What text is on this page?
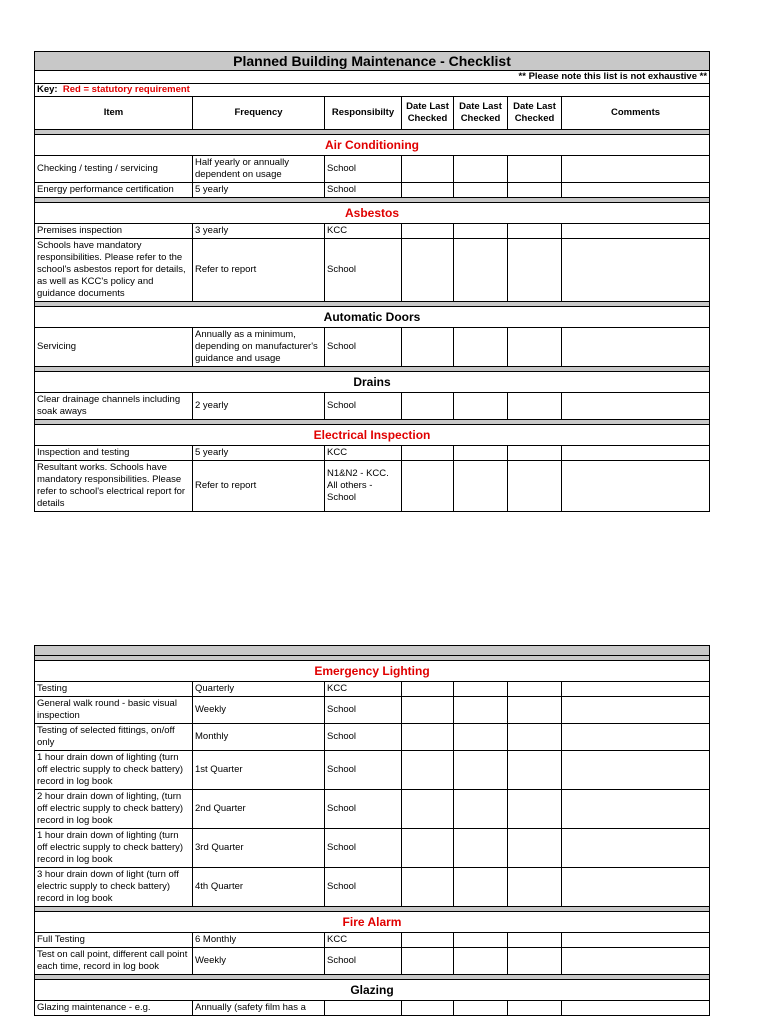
Planned Building Maintenance - Checklist						
** Please note this list is not exhaustive **						
Key: Red = statutory requirement						
Item	Frequency	Responsibilty	Date Last Checked	Date Last Checked	Date Last Checked	Comments

Air Conditioning						
Checking / testing / servicing	Half yearly or annually dependent on usage	School				
Energy performance certification	5 yearly	School				

Asbestos						
Premises inspection	3 yearly	KCC				
Schools have mandatory responsibilities. Please refer to the school's asbestos report for details, as well as KCC's policy and guidance documents	Refer to report	School				

Automatic Doors						
Servicing	Annually as a minimum, depending on manufacturer's guidance and usage	School				

Drains						
Clear drainage channels including soak aways	2 yearly	School				

Electrical Inspection						
Inspection and testing	5 yearly	KCC				
Resultant works. Schools have mandatory responsibilities. Please refer to school's electrical report for details	Refer to report	N1&N2 - KCC. All others - School				

Emergency Lighting						
Testing	Quarterly	KCC				
General walk round - basic visual inspection	Weekly	School				
Testing of selected fittings, on/off only	Monthly	School				
1 hour drain down of lighting (turn off electric supply to check battery) record in log book	1st Quarter	School				
2 hour drain down of lighting, (turn off electric supply to check battery) record in log book	2nd Quarter	School				
1 hour drain down of lighting (turn off electric supply to check battery) record in log book	3rd Quarter	School				
3 hour drain down of light (turn off electric supply to check battery) record in log book	4th Quarter	School				

Fire Alarm						
Full Testing	6 Monthly	KCC				
Test on call point, different call point each time, record in log book	Weekly	School				

Glazing						
Glazing maintenance - e.g.	Annually (safety film has a					
